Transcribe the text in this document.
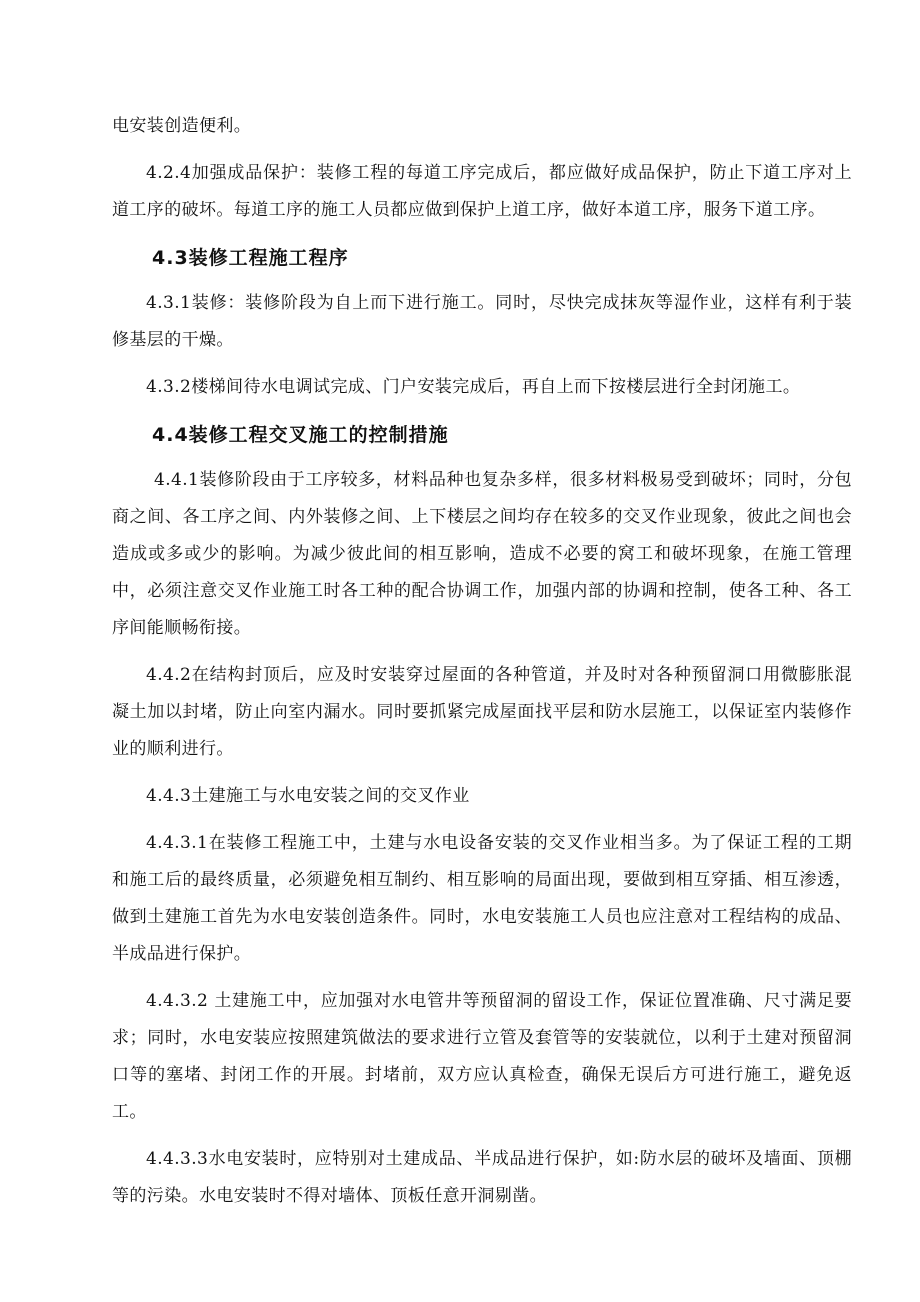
电安装创造便利。

4.2.4加强成品保护：装修工程的每道工序完成后，都应做好成品保护，防止下道工序对上道工序的破坏。每道工序的施工人员都应做到保护上道工序，做好本道工序，服务下道工序。

4.3装修工程施工程序

4.3.1装修：装修阶段为自上而下进行施工。同时，尽快完成抹灰等湿作业，这样有利于装修基层的干燥。

4.3.2楼梯间待水电调试完成、门户安装完成后，再自上而下按楼层进行全封闭施工。

4.4装修工程交叉施工的控制措施

4.4.1装修阶段由于工序较多，材料品种也复杂多样，很多材料极易受到破坏；同时，分包商之间、各工序之间、内外装修之间、上下楼层之间均存在较多的交叉作业现象，彼此之间也会造成或多或少的影响。为减少彼此间的相互影响，造成不必要的窝工和破坏现象，在施工管理中，必须注意交叉作业施工时各工种的配合协调工作，加强内部的协调和控制，使各工种、各工序间能顺畅衔接。

4.4.2在结构封顶后，应及时安装穿过屋面的各种管道，并及时对各种预留洞口用微膨胀混凝土加以封堵，防止向室内漏水。同时要抓紧完成屋面找平层和防水层施工，以保证室内装修作业的顺利进行。

4.4.3土建施工与水电安装之间的交叉作业

4.4.3.1在装修工程施工中，土建与水电设备安装的交叉作业相当多。为了保证工程的工期和施工后的最终质量，必须避免相互制约、相互影响的局面出现，要做到相互穿插、相互渗透，做到土建施工首先为水电安装创造条件。同时，水电安装施工人员也应注意对工程结构的成品、半成品进行保护。

4.4.3.2 土建施工中，应加强对水电管井等预留洞的留设工作，保证位置准确、尺寸满足要求；同时，水电安装应按照建筑做法的要求进行立管及套管等的安装就位，以利于土建对预留洞口等的塞堵、封闭工作的开展。封堵前，双方应认真检查，确保无误后方可进行施工，避免返工。

4.4.3.3水电安装时，应特别对土建成品、半成品进行保护，如:防水层的破坏及墙面、顶棚等的污染。水电安装时不得对墙体、顶板任意开洞剔凿。
